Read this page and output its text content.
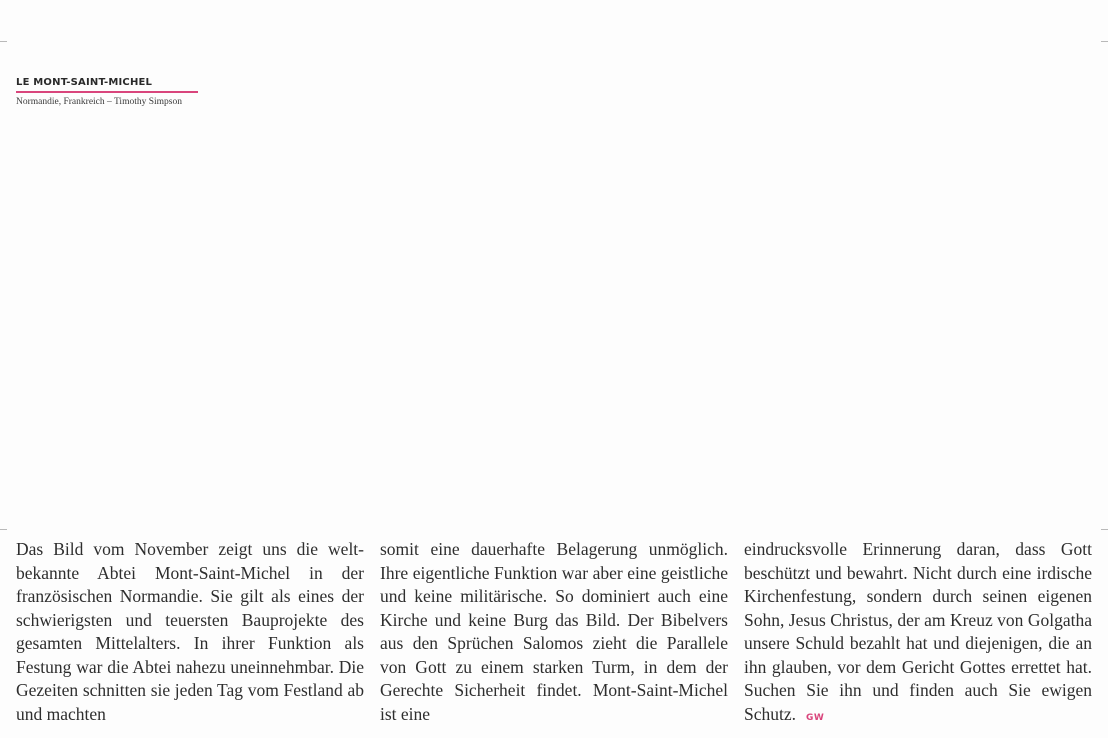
LE MONT-SAINT-MICHEL
Normandie, Frankreich – Timothy Simpson

Das Bild vom November zeigt uns die weltbekannte Abtei Mont-Saint-Michel in der französischen Normandie. Sie gilt als eines der schwierigsten und teuersten Bauprojekte des gesamten Mittelalters. In ihrer Funktion als Festung war die Abtei nahezu uneinnehmbar. Die Gezeiten schnitten sie jeden Tag vom Festland ab und machten

somit eine dauerhafte Belagerung unmöglich. Ihre eigentliche Funktion war aber eine geistliche und keine militärische. So dominiert auch eine Kirche und keine Burg das Bild. Der Bibelvers aus den Sprüchen Salomos zieht die Parallele von Gott zu einem starken Turm, in dem der Gerechte Sicherheit findet. Mont-Saint-Michel ist eine

eindrucksvolle Erinnerung daran, dass Gott beschützt und bewahrt. Nicht durch eine irdische Kirchenfestung, sondern durch seinen eigenen Sohn, Jesus Christus, der am Kreuz von Golgatha unsere Schuld bezahlt hat und diejenigen, die an ihn glauben, vor dem Gericht Gottes errettet hat. Suchen Sie ihn und finden auch Sie ewigen Schutz. GW
